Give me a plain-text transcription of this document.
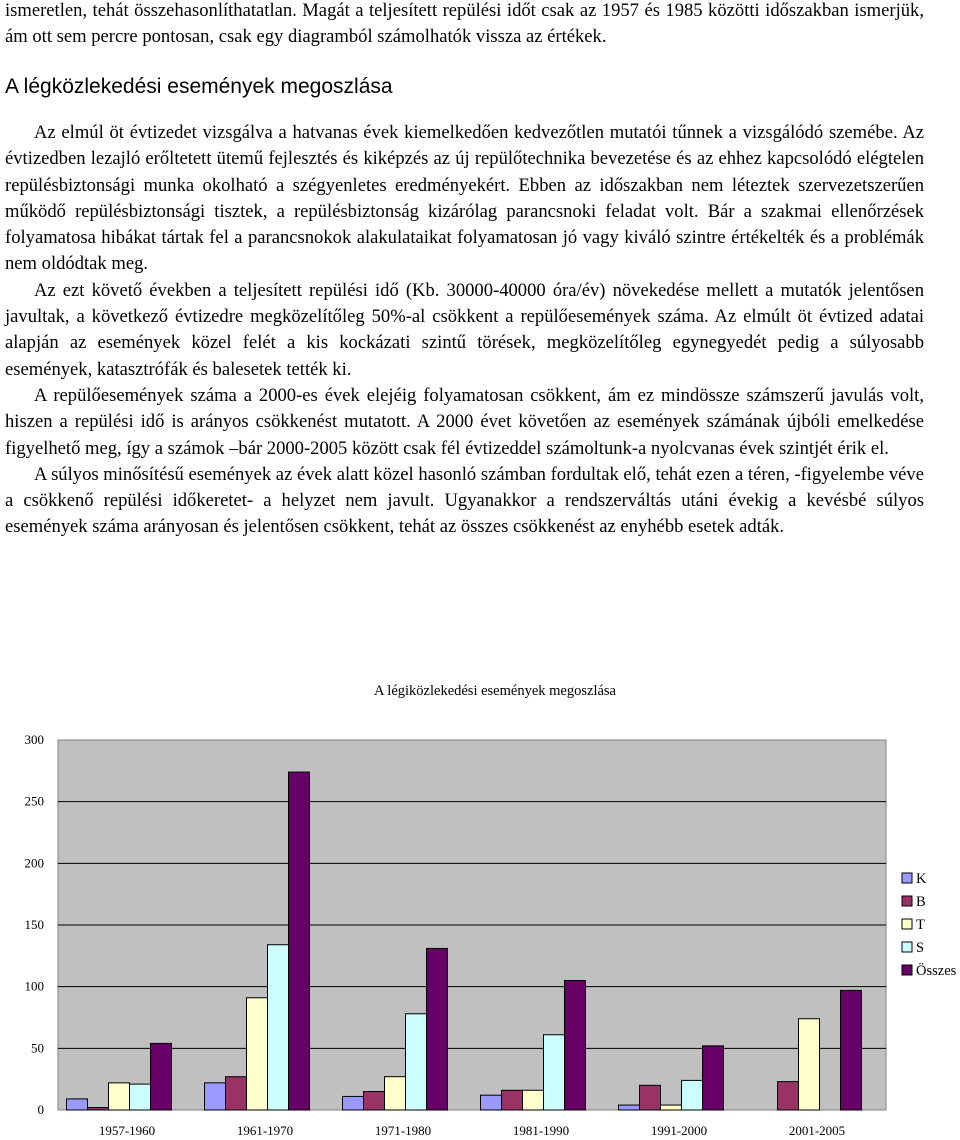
ismeretlen, tehát összehasonlíthatatlan. Magát a teljesített repülési időt csak az 1957 és 1985 közötti időszakban ismerjük, ám ott sem percre pontosan, csak egy diagramból számolhatók vissza az értékek.

A légközlekedési események megoszlása

Az elmúl öt évtizedet vizsgálva a hatvanas évek kiemelkedően kedvezőtlen mutatói tűnnek a vizsgálódó szemébe. Az évtizedben lezajló erőltetett ütemű fejlesztés és kiképzés az új repülőtechnika bevezetése és az ehhez kapcsolódó elégtelen repülésbiztonsági munka okolható a szégyenletes eredményekért. Ebben az időszakban nem léteztek szervezetszerűen működő repülésbiztonsági tisztek, a repülésbiztonság kizárólag parancsnoki feladat volt. Bár a szakmai ellenőrzések folyamatosa hibákat tártak fel a parancsnokok alakulataikat folyamatosan jó vagy kiváló szintre értékelték és a problémák nem oldódtak meg.

Az ezt követő években a teljesített repülési idő (Kb. 30000-40000 óra/év) növekedése mellett a mutatók jelentősen javultak, a következő évtizedre megközelítőleg 50%-al csökkent a repülőesemények száma. Az elmúlt öt évtized adatai alapján az események közel felét a kis kockázati szintű törések, megközelítőleg egynegyedét pedig a súlyosabb események, katasztrófák és balesetek tették ki.

A repülőesemények száma a 2000-es évek elejéig folyamatosan csökkent, ám ez mindössze számszerű javulás volt, hiszen a repülési idő is arányos csökkenést mutatott. A 2000 évet követően az események számának újbóli emelkedése figyelhető meg, így a számok –bár 2000-2005 között csak fél évtizeddel számoltunk-a nyolcvanas évek szintjét érik el.

A súlyos minősítésű események az évek alatt közel hasonló számban fordultak elő, tehát ezen a téren, -figyelembe véve a csökkenő repülési időkeretet- a helyzet nem javult. Ugyanakkor a rendszerváltás utáni évekig a kevésbé súlyos események száma arányosan és jelentősen csökkent, tehát az összes csökkenést az enyhébb esetek adták.

A légiközlekedési események megoszlása
0
50
100
150
200
250
300
1957-1960	1961-1970	1971-1980	1981-1990	1991-2000	2001-2005
K
B
T
S
Összes
